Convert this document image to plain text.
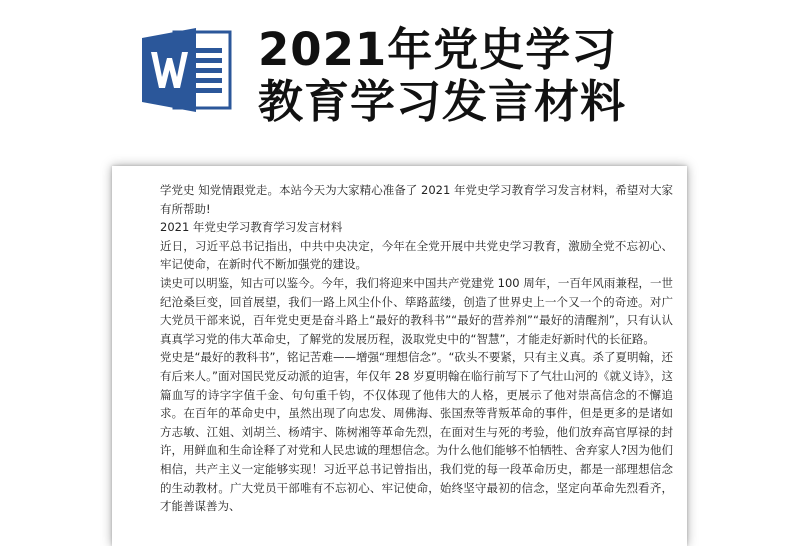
2021年党史学习
教育学习发言材料

学党史 知党情跟党走。本站今天为大家精心准备了 2021 年党史学习教育学习发言材料，希望对大家有所帮助!

2021 年党史学习教育学习发言材料

近日，习近平总书记指出，中共中央决定，今年在全党开展中共党史学习教育，激励全党不忘初心、牢记使命，在新时代不断加强党的建设。

读史可以明鉴，知古可以鉴今。今年，我们将迎来中国共产党建党 100 周年，一百年风雨兼程，一世纪沧桑巨变，回首展望，我们一路上风尘仆仆、筚路蓝缕，创造了世界史上一个又一个的奇迹。对广大党员干部来说，百年党史更是奋斗路上“最好的教科书”“最好的营养剂”“最好的清醒剂”，只有认认真真学习党的伟大革命史，了解党的发展历程，汲取党史中的“智慧”，才能走好新时代的长征路。

党史是“最好的教科书”，铭记苦难——增强“理想信念”。“砍头不要紧，只有主义真。杀了夏明翰，还有后来人。”面对国民党反动派的迫害，年仅年 28 岁夏明翰在临行前写下了气壮山河的《就义诗》，这篇血写的诗字字值千金、句句重千钧，不仅体现了他伟大的人格，更展示了他对崇高信念的不懈追求。在百年的革命史中，虽然出现了向忠发、周佛海、张国焘等背叛革命的事件，但是更多的是诸如方志敏、江姐、刘胡兰、杨靖宇、陈树湘等革命先烈，在面对生与死的考验，他们放弃高官厚禄的封许，用鲜血和生命诠释了对党和人民忠诚的理想信念。为什么他们能够不怕牺牲、舍弃家人?因为他们相信，共产主义一定能够实现！习近平总书记曾指出，我们党的每一段革命历史，都是一部理想信念的生动教材。广大党员干部唯有不忘初心、牢记使命，始终坚守最初的信念，坚定向革命先烈看齐，才能善谋善为、
